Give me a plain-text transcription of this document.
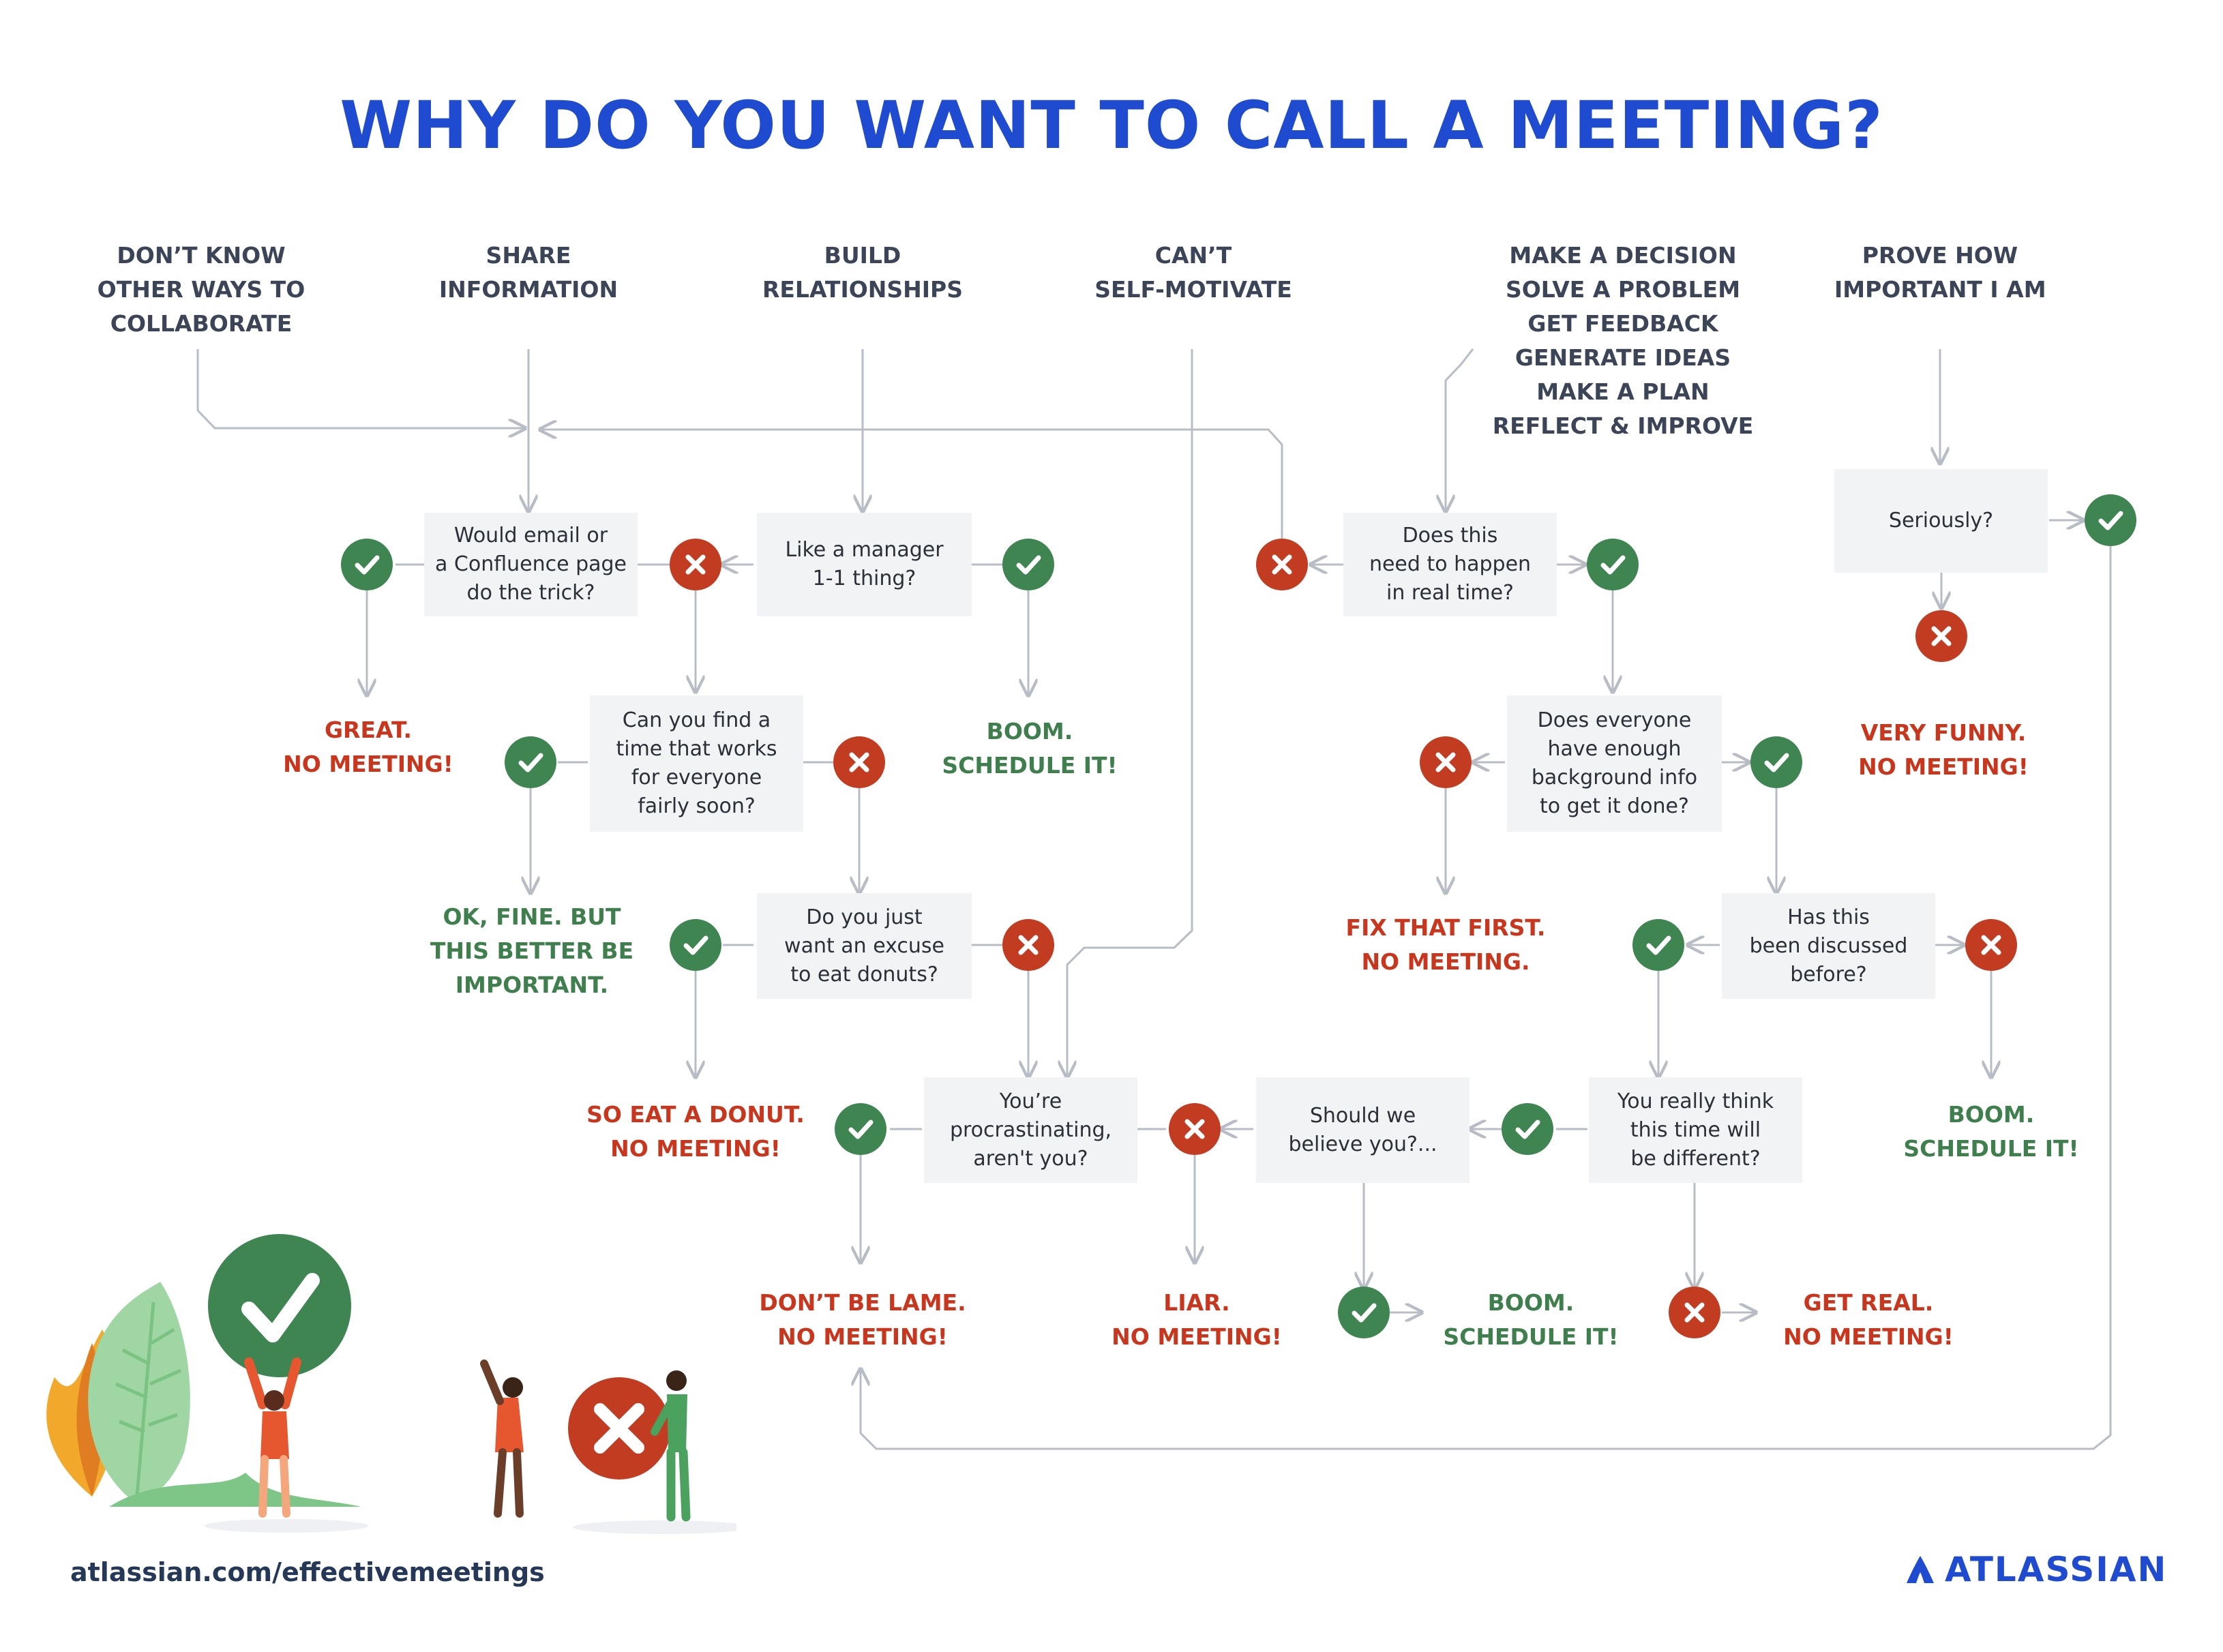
WHY DO YOU WANT TO CALL A MEETING?
DON’T KNOW
OTHER WAYS TO
COLLABORATE
SHARE
INFORMATION
BUILD
RELATIONSHIPS
CAN’T
SELF-MOTIVATE
MAKE A DECISION
SOLVE A PROBLEM
GET FEEDBACK
GENERATE IDEAS
MAKE A PLAN
REFLECT & IMPROVE
PROVE HOW
IMPORTANT I AM
Would email or
a Confluence page
do the trick?
Like a manager
1-1 thing?
Can you find a
time that works
for everyone
fairly soon?
Do you just
want an excuse
to eat donuts?
You’re
procrastinating,
aren't you?
Should we
believe you?...
Does this
need to happen
in real time?
Does everyone
have enough
background info
to get it done?
Has this
been discussed
before?
You really think
this time will
be different?
Seriously?
GREAT.
NO MEETING!
BOOM.
SCHEDULE IT!
OK, FINE. BUT
THIS BETTER BE
IMPORTANT.
SO EAT A DONUT.
NO MEETING!
DON’T BE LAME.
NO MEETING!
LIAR.
NO MEETING!
BOOM.
SCHEDULE IT!
GET REAL.
NO MEETING!
FIX THAT FIRST.
NO MEETING.
BOOM.
SCHEDULE IT!
VERY FUNNY.
NO MEETING!
atlassian.com/effectivemeetings	ATLASSIAN
